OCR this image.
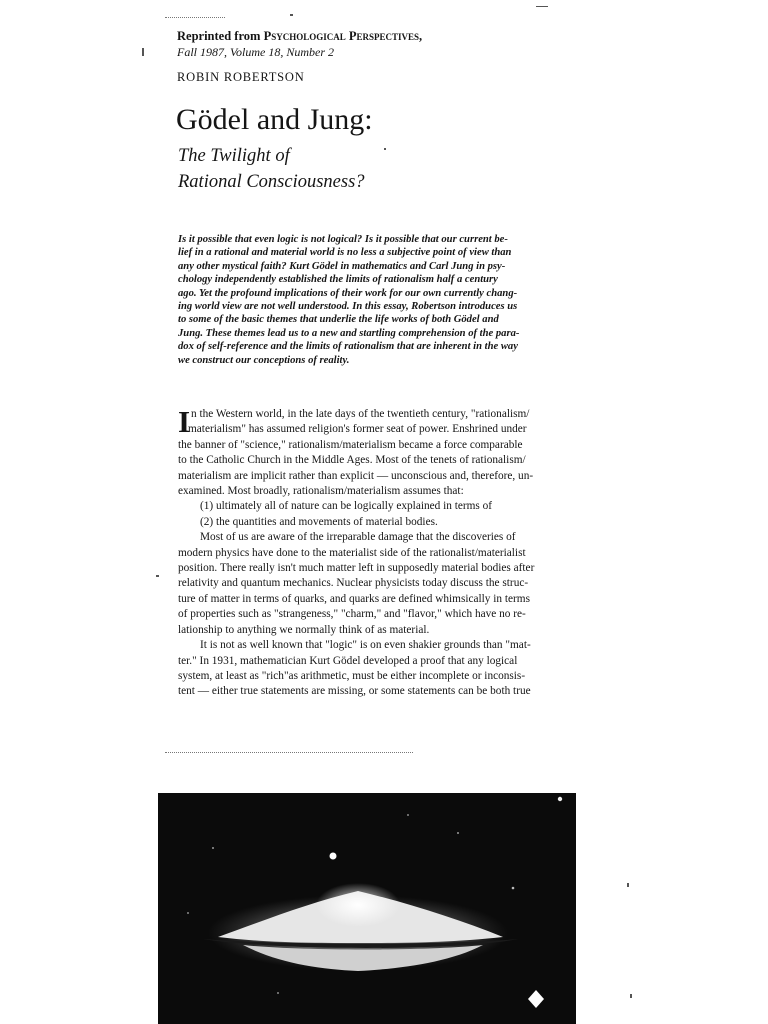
Reprinted from Psychological Perspectives,
Fall 1987, Volume 18, Number 2
ROBIN ROBERTSON
Gödel and Jung:
The Twilight of
Rational Consciousness?
Is it possible that even logic is not logical? Is it possible that our current be-
lief in a rational and material world is no less a subjective point of view than
any other mystical faith? Kurt Gödel in mathematics and Carl Jung in psy-
chology independently established the limits of rationalism half a century
ago. Yet the profound implications of their work for our own currently chang-
ing world view are not well understood. In this essay, Robertson introduces us
to some of the basic themes that underlie the life works of both Gödel and
Jung. These themes lead us to a new and startling comprehension of the para-
dox of self-reference and the limits of rationalism that are inherent in the way
we construct our conceptions of reality.
I n the Western world, in the late days of the twentieth century, "rationalism/
materialism" has assumed religion's former seat of power. Enshrined under
the banner of "science," rationalism/materialism became a force comparable
to the Catholic Church in the Middle Ages. Most of the tenets of rationalism/
materialism are implicit rather than explicit — unconscious and, therefore, un-
examined. Most broadly, rationalism/materialism assumes that:
(1) ultimately all of nature can be logically explained in terms of
(2) the quantities and movements of material bodies.
Most of us are aware of the irreparable damage that the discoveries of
modern physics have done to the materialist side of the rationalist/materialist
position. There really isn't much matter left in supposedly material bodies after
relativity and quantum mechanics. Nuclear physicists today discuss the struc-
ture of matter in terms of quarks, and quarks are defined whimsically in terms
of properties such as "strangeness," "charm," and "flavor," which have no re-
lationship to anything we normally think of as material.
It is not as well known that "logic" is on even shakier grounds than "mat-
ter." In 1931, mathematician Kurt Gödel developed a proof that any logical
system, at least as "rich"as arithmetic, must be either incomplete or inconsis-
tent — either true statements are missing, or some statements can be both true
